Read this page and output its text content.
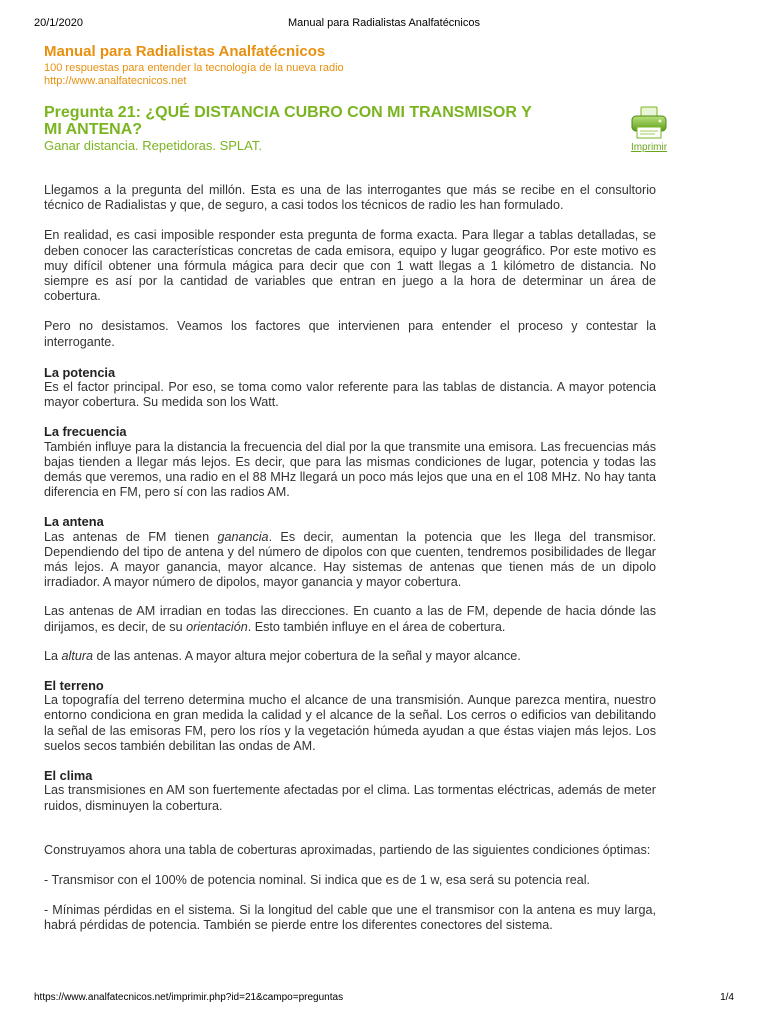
20/1/2020	Manual para Radialistas Analfatécnicos
Manual para Radialistas Analfatécnicos
100 respuestas para entender la tecnología de la nueva radio
http://www.analfatecnicos.net
Pregunta 21: ¿QUÉ DISTANCIA CUBRO CON MI TRANSMISOR Y MI ANTENA?
Ganar distancia. Repetidoras. SPLAT.	Imprimir

Llegamos a la pregunta del millón. Esta es una de las interrogantes que más se recibe en el consultorio técnico de Radialistas y que, de seguro, a casi todos los técnicos de radio les han formulado.

En realidad, es casi imposible responder esta pregunta de forma exacta. Para llegar a tablas detalladas, se deben conocer las características concretas de cada emisora, equipo y lugar geográfico. Por este motivo es muy difícil obtener una fórmula mágica para decir que con 1 watt llegas a 1 kilómetro de distancia. No siempre es así por la cantidad de variables que entran en juego a la hora de determinar un área de cobertura.

Pero no desistamos. Veamos los factores que intervienen para entender el proceso y contestar la interrogante.

La potencia

Es el factor principal. Por eso, se toma como valor referente para las tablas de distancia. A mayor potencia mayor cobertura. Su medida son los Watt.

La frecuencia

También influye para la distancia la frecuencia del dial por la que transmite una emisora. Las frecuencias más bajas tienden a llegar más lejos. Es decir, que para las mismas condiciones de lugar, potencia y todas las demás que veremos, una radio en el 88 MHz llegará un poco más lejos que una en el 108 MHz. No hay tanta diferencia en FM, pero sí con las radios AM.

La antena

Las antenas de FM tienen ganancia. Es decir, aumentan la potencia que les llega del transmisor. Dependiendo del tipo de antena y del número de dipolos con que cuenten, tendremos posibilidades de llegar más lejos. A mayor ganancia, mayor alcance. Hay sistemas de antenas que tienen más de un dipolo irradiador. A mayor número de dipolos, mayor ganancia y mayor cobertura.

Las antenas de AM irradian en todas las direcciones. En cuanto a las de FM, depende de hacia dónde las dirijamos, es decir, de su orientación. Esto también influye en el área de cobertura.

La altura de las antenas. A mayor altura mejor cobertura de la señal y mayor alcance.

El terreno

La topografía del terreno determina mucho el alcance de una transmisión. Aunque parezca mentira, nuestro entorno condiciona en gran medida la calidad y el alcance de la señal. Los cerros o edificios van debilitando la señal de las emisoras FM, pero los ríos y la vegetación húmeda ayudan a que éstas viajen más lejos. Los suelos secos también debilitan las ondas de AM.

El clima

Las transmisiones en AM son fuertemente afectadas por el clima. Las tormentas eléctricas, además de meter ruidos, disminuyen la cobertura.

Construyamos ahora una tabla de coberturas aproximadas, partiendo de las siguientes condiciones óptimas:

- Transmisor con el 100% de potencia nominal. Si indica que es de 1 w, esa será su potencia real.

- Mínimas pérdidas en el sistema. Si la longitud del cable que une el transmisor con la antena es muy larga, habrá pérdidas de potencia. También se pierde entre los diferentes conectores del sistema.

https://www.analfatecnicos.net/imprimir.php?id=21&campo=preguntas	1/4
